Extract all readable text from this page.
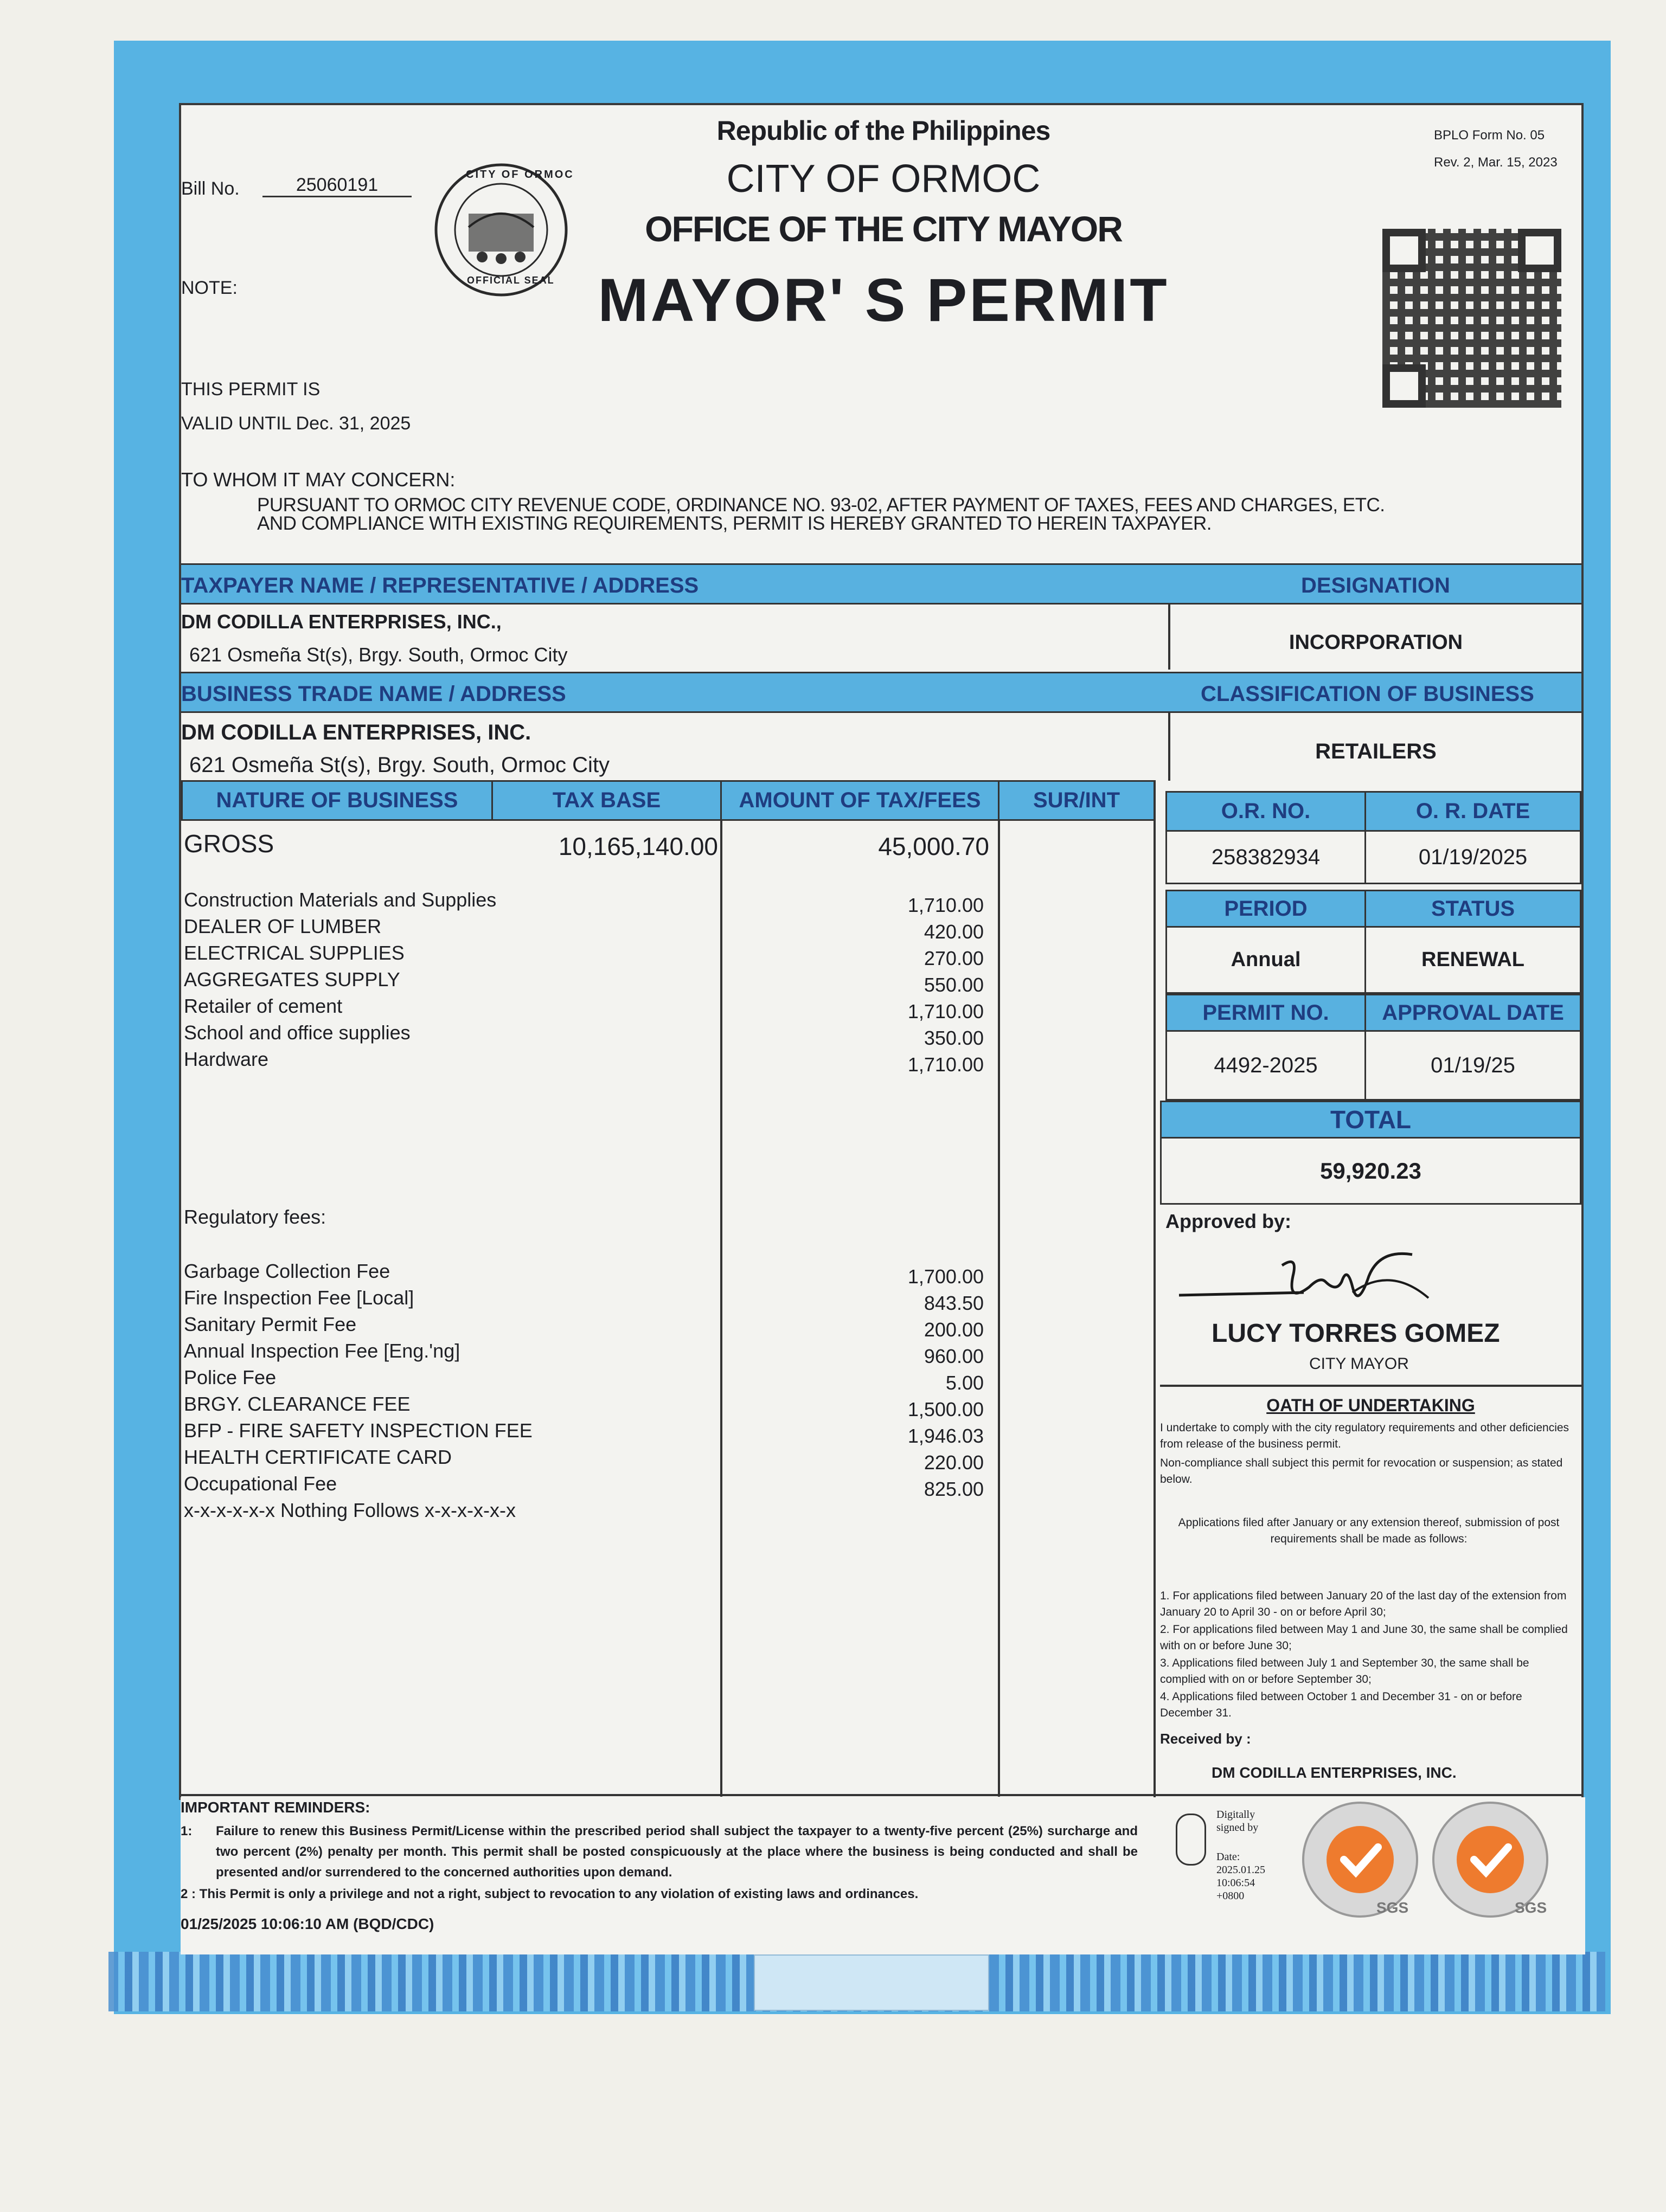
BPLO Form No. 05
Rev. 2, Mar. 15, 2023
Republic of the Philippines
CITY OF ORMOC
OFFICE OF THE CITY MAYOR
MAYOR' S PERMIT
CITY OF ORMOC
OFFICIAL SEAL
Bill No.	25060191
NOTE:
THIS PERMIT IS
VALID UNTIL Dec. 31, 2025
TO WHOM IT MAY CONCERN:
PURSUANT TO ORMOC CITY REVENUE CODE, ORDINANCE NO. 93-02, AFTER PAYMENT OF TAXES, FEES AND CHARGES, ETC.
AND COMPLIANCE WITH EXISTING REQUIREMENTS, PERMIT IS HEREBY GRANTED TO HEREIN TAXPAYER.
TAXPAYER NAME / REPRESENTATIVE / ADDRESS	DESIGNATION
DM CODILLA ENTERPRISES, INC.,
621 Osmeña St(s), Brgy. South, Ormoc City
INCORPORATION
BUSINESS TRADE NAME / ADDRESS	CLASSIFICATION OF BUSINESS
DM CODILLA ENTERPRISES, INC.
621 Osmeña St(s), Brgy. South, Ormoc City
RETAILERS
NATURE OF BUSINESS	TAX BASE	AMOUNT OF TAX/FEES	SUR/INT
GROSS	10,165,140.00	45,000.70
Construction Materials and Supplies	1,710.00
DEALER OF LUMBER	420.00
ELECTRICAL SUPPLIES	270.00
AGGREGATES SUPPLY	550.00
Retailer of cement	1,710.00
School and office supplies	350.00
Hardware	1,710.00
Regulatory fees:
Garbage Collection Fee	1,700.00
Fire Inspection Fee [Local]	843.50
Sanitary Permit Fee	200.00
Annual Inspection Fee [Eng.'ng]	960.00
Police Fee	5.00
BRGY. CLEARANCE FEE	1,500.00
BFP - FIRE SAFETY INSPECTION FEE	1,946.03
HEALTH CERTIFICATE CARD	220.00
Occupational Fee	825.00
x-x-x-x-x-x Nothing Follows x-x-x-x-x-x
O.R. NO.	O. R. DATE
258382934	01/19/2025
PERIOD	STATUS
Annual	RENEWAL
PERMIT NO.	APPROVAL DATE
4492-2025	01/19/25
TOTAL
59,920.23
Approved by:
LUCY TORRES GOMEZ
CITY MAYOR
OATH OF UNDERTAKING
I undertake to comply with the city regulatory requirements and other deficiencies from release of the business permit.
Non-compliance shall subject this permit for revocation or suspension; as stated below.
Applications filed after January or any extension thereof, submission of post requirements shall be made as follows:
1. For applications filed between January 20 of the last day of the extension from January 20 to April 30 - on or before April 30;
2. For applications filed between May 1 and June 30, the same shall be complied with on or before June 30;
3. Applications filed between July 1 and September 30, the same shall be complied with on or before September 30;
4. Applications filed between October 1 and December 31 - on or before December 31.
Received by :
DM CODILLA ENTERPRISES, INC.
IMPORTANT REMINDERS:
1: Failure to renew this Business Permit/License within the prescribed period shall subject the taxpayer to a twenty-five percent (25%) surcharge and two percent (2%) penalty per month. This permit shall be posted conspicuously at the place where the business is being conducted and shall be presented and/or surrendered to the concerned authorities upon demand.
2 : This Permit is only a privilege and not a right, subject to revocation to any violation of existing laws and ordinances.
01/25/2025 10:06:10 AM (BQD/CDC)
Digitally
signed by
Date:
2025.01.25
10:06:54
+0800
SGS	SGS
